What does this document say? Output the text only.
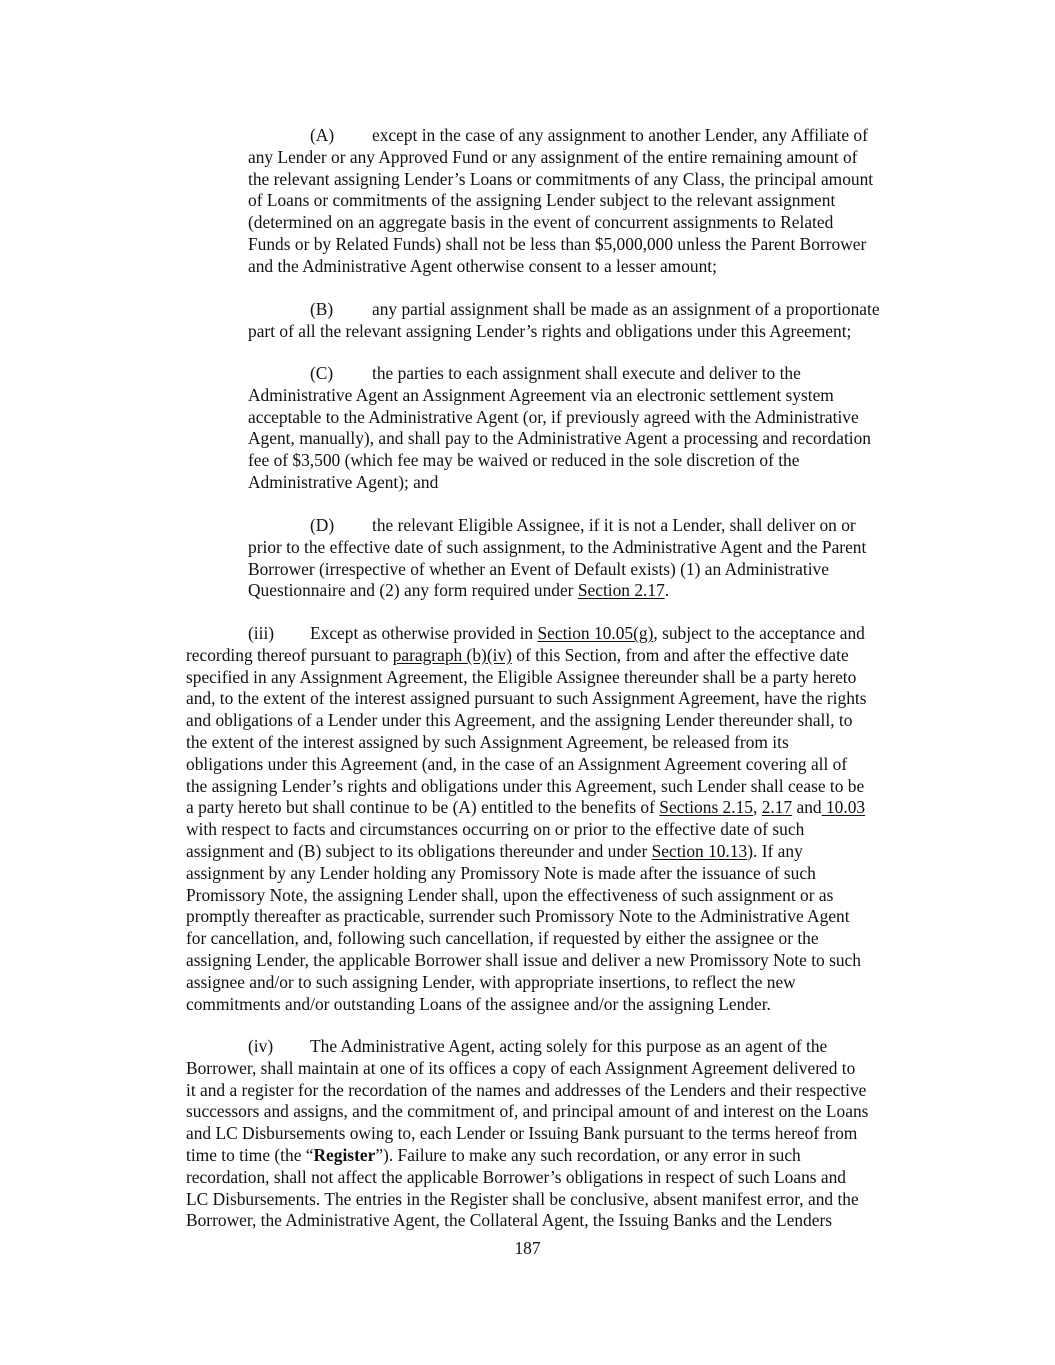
(A) except in the case of any assignment to another Lender, any Affiliate of
any Lender or any Approved Fund or any assignment of the entire remaining amount of
the relevant assigning Lender’s Loans or commitments of any Class, the principal amount
of Loans or commitments of the assigning Lender subject to the relevant assignment
(determined on an aggregate basis in the event of concurrent assignments to Related
Funds or by Related Funds) shall not be less than $5,000,000 unless the Parent Borrower
and the Administrative Agent otherwise consent to a lesser amount;
(B) any partial assignment shall be made as an assignment of a proportionate
part of all the relevant assigning Lender’s rights and obligations under this Agreement;
(C) the parties to each assignment shall execute and deliver to the
Administrative Agent an Assignment Agreement via an electronic settlement system
acceptable to the Administrative Agent (or, if previously agreed with the Administrative
Agent, manually), and shall pay to the Administrative Agent a processing and recordation
fee of $3,500 (which fee may be waived or reduced in the sole discretion of the
Administrative Agent); and
(D) the relevant Eligible Assignee, if it is not a Lender, shall deliver on or
prior to the effective date of such assignment, to the Administrative Agent and the Parent
Borrower (irrespective of whether an Event of Default exists) (1) an Administrative
Questionnaire and (2) any form required under Section 2.17.
(iii) Except as otherwise provided in Section 10.05(g), subject to the acceptance and
recording thereof pursuant to paragraph (b)(iv) of this Section, from and after the effective date
specified in any Assignment Agreement, the Eligible Assignee thereunder shall be a party hereto
and, to the extent of the interest assigned pursuant to such Assignment Agreement, have the rights
and obligations of a Lender under this Agreement, and the assigning Lender thereunder shall, to
the extent of the interest assigned by such Assignment Agreement, be released from its
obligations under this Agreement (and, in the case of an Assignment Agreement covering all of
the assigning Lender’s rights and obligations under this Agreement, such Lender shall cease to be
a party hereto but shall continue to be (A) entitled to the benefits of Sections 2.15, 2.17 and 10.03
with respect to facts and circumstances occurring on or prior to the effective date of such
assignment and (B) subject to its obligations thereunder and under Section 10.13). If any
assignment by any Lender holding any Promissory Note is made after the issuance of such
Promissory Note, the assigning Lender shall, upon the effectiveness of such assignment or as
promptly thereafter as practicable, surrender such Promissory Note to the Administrative Agent
for cancellation, and, following such cancellation, if requested by either the assignee or the
assigning Lender, the applicable Borrower shall issue and deliver a new Promissory Note to such
assignee and/or to such assigning Lender, with appropriate insertions, to reflect the new
commitments and/or outstanding Loans of the assignee and/or the assigning Lender.
(iv) The Administrative Agent, acting solely for this purpose as an agent of the
Borrower, shall maintain at one of its offices a copy of each Assignment Agreement delivered to
it and a register for the recordation of the names and addresses of the Lenders and their respective
successors and assigns, and the commitment of, and principal amount of and interest on the Loans
and LC Disbursements owing to, each Lender or Issuing Bank pursuant to the terms hereof from
time to time (the “Register”). Failure to make any such recordation, or any error in such
recordation, shall not affect the applicable Borrower’s obligations in respect of such Loans and
LC Disbursements. The entries in the Register shall be conclusive, absent manifest error, and the
Borrower, the Administrative Agent, the Collateral Agent, the Issuing Banks and the Lenders
187
